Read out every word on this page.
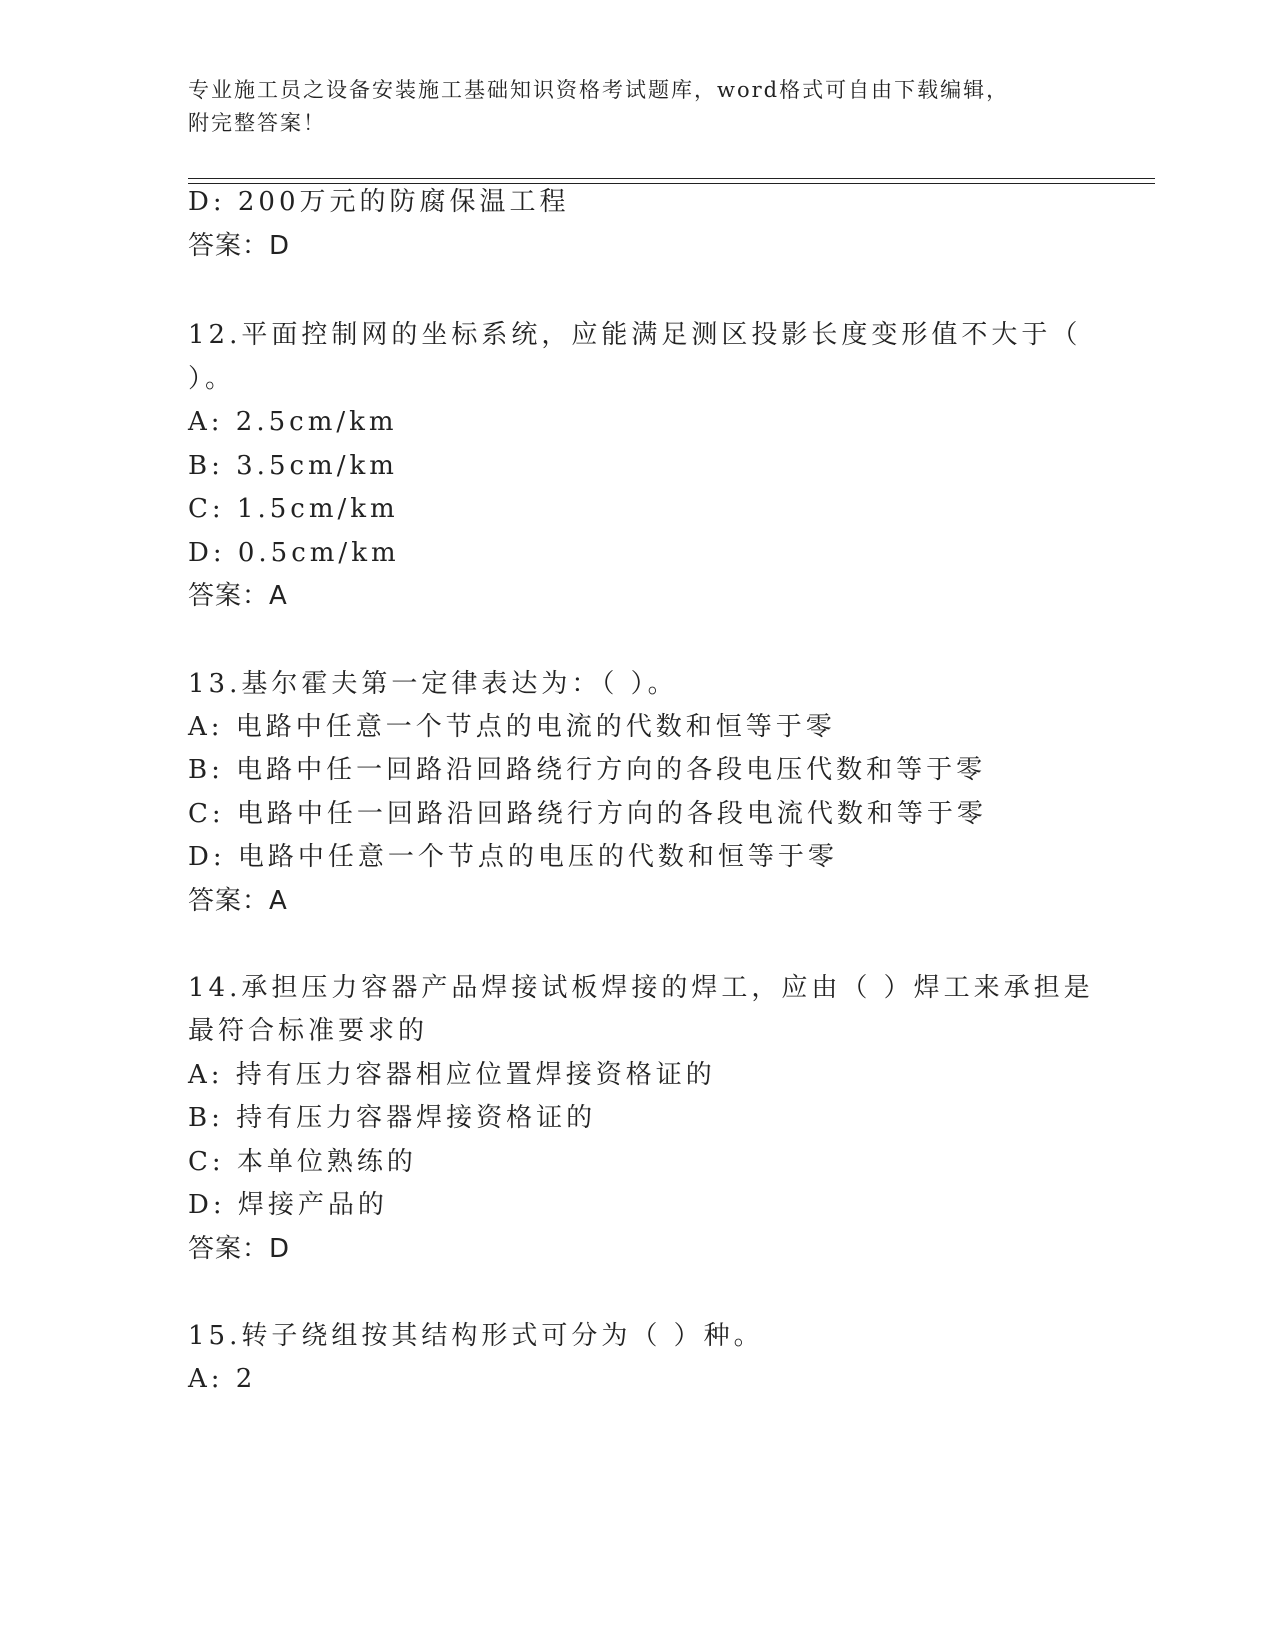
专业施工员之设备安装施工基础知识资格考试题库，word格式可自由下载编辑，
附完整答案！
D: 200万元的防腐保温工程
答案：D
12.平面控制网的坐标系统，应能满足测区投影长度变形值不大于（
）。
A: 2.5cm/km
B: 3.5cm/km
C: 1.5cm/km
D: 0.5cm/km
答案：A
13.基尔霍夫第一定律表达为：（ ）。
A: 电路中任意一个节点的电流的代数和恒等于零
B: 电路中任一回路沿回路绕行方向的各段电压代数和等于零
C: 电路中任一回路沿回路绕行方向的各段电流代数和等于零
D: 电路中任意一个节点的电压的代数和恒等于零
答案：A
14.承担压力容器产品焊接试板焊接的焊工，应由（ ）焊工来承担是
最符合标准要求的
A: 持有压力容器相应位置焊接资格证的
B: 持有压力容器焊接资格证的
C: 本单位熟练的
D: 焊接产品的
答案：D
15.转子绕组按其结构形式可分为（ ）种。
A: 2
